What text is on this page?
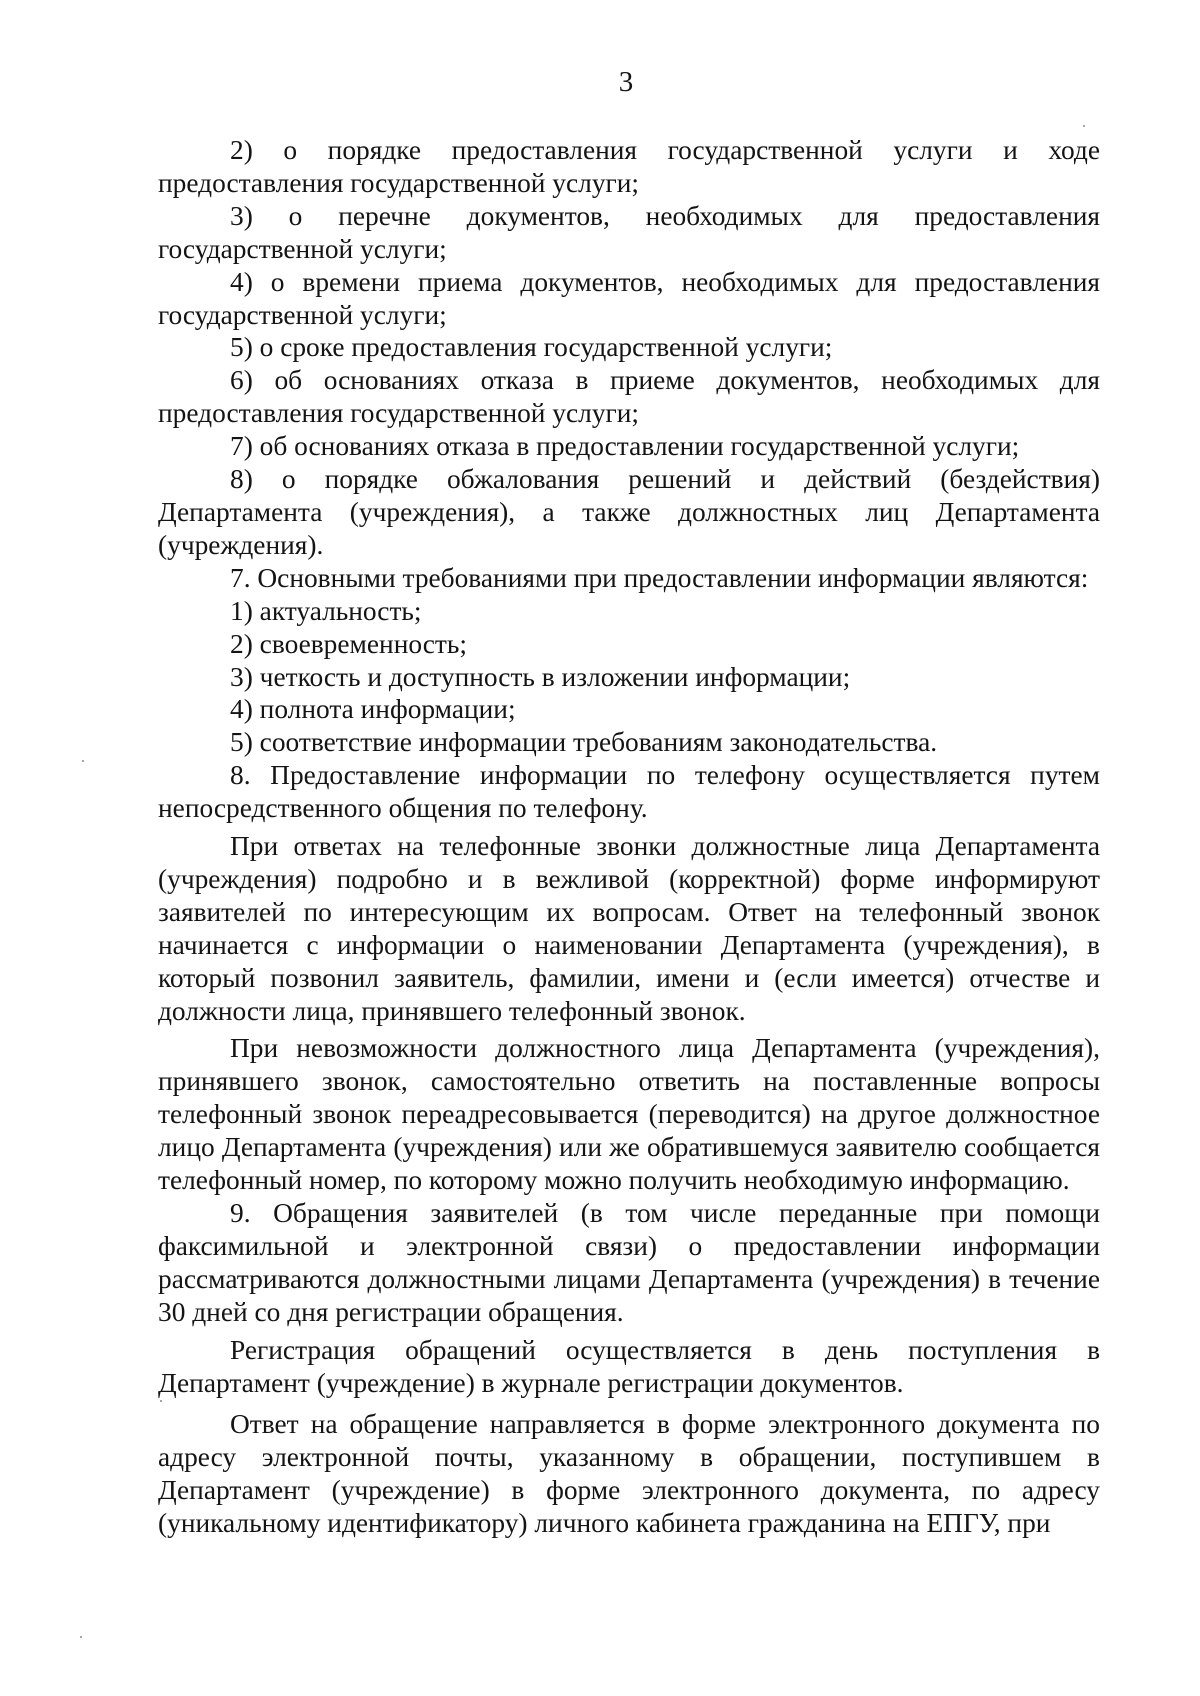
3

2) о порядке предоставления государственной услуги и ходе предоставления государственной услуги;

3) о перечне документов, необходимых для предоставления государственной услуги;

4) о времени приема документов, необходимых для предоставления государственной услуги;

5) о сроке предоставления государственной услуги;

6) об основаниях отказа в приеме документов, необходимых для предоставления государственной услуги;

7) об основаниях отказа в предоставлении государственной услуги;

8) о порядке обжалования решений и действий (бездействия) Департамента (учреждения), а также должностных лиц Департамента (учреждения).

7. Основными требованиями при предоставлении информации являются:

1) актуальность;

2) своевременность;

3) четкость и доступность в изложении информации;

4) полнота информации;

5) соответствие информации требованиям законодательства.

8. Предоставление информации по телефону осуществляется путем непосредственного общения по телефону.

При ответах на телефонные звонки должностные лица Департамента (учреждения) подробно и в вежливой (корректной) форме информируют заявителей по интересующим их вопросам. Ответ на телефонный звонок начинается с информации о наименовании Департамента (учреждения), в который позвонил заявитель, фамилии, имени и (если имеется) отчестве и должности лица, принявшего телефонный звонок.

При невозможности должностного лица Департамента (учреждения), принявшего звонок, самостоятельно ответить на поставленные вопросы телефонный звонок переадресовывается (переводится) на другое должностное лицо Департамента (учреждения) или же обратившемуся заявителю сообщается телефонный номер, по которому можно получить необходимую информацию.

9. Обращения заявителей (в том числе переданные при помощи факсимильной и электронной связи) о предоставлении информации рассматриваются должностными лицами Департамента (учреждения) в течение 30 дней со дня регистрации обращения.

Регистрация обращений осуществляется в день поступления в Департамент (учреждение) в журнале регистрации документов.

Ответ на обращение направляется в форме электронного документа по адресу электронной почты, указанному в обращении, поступившем в Департамент (учреждение) в форме электронного документа, по адресу (уникальному идентификатору) личного кабинета гражданина на ЕПГУ, при
